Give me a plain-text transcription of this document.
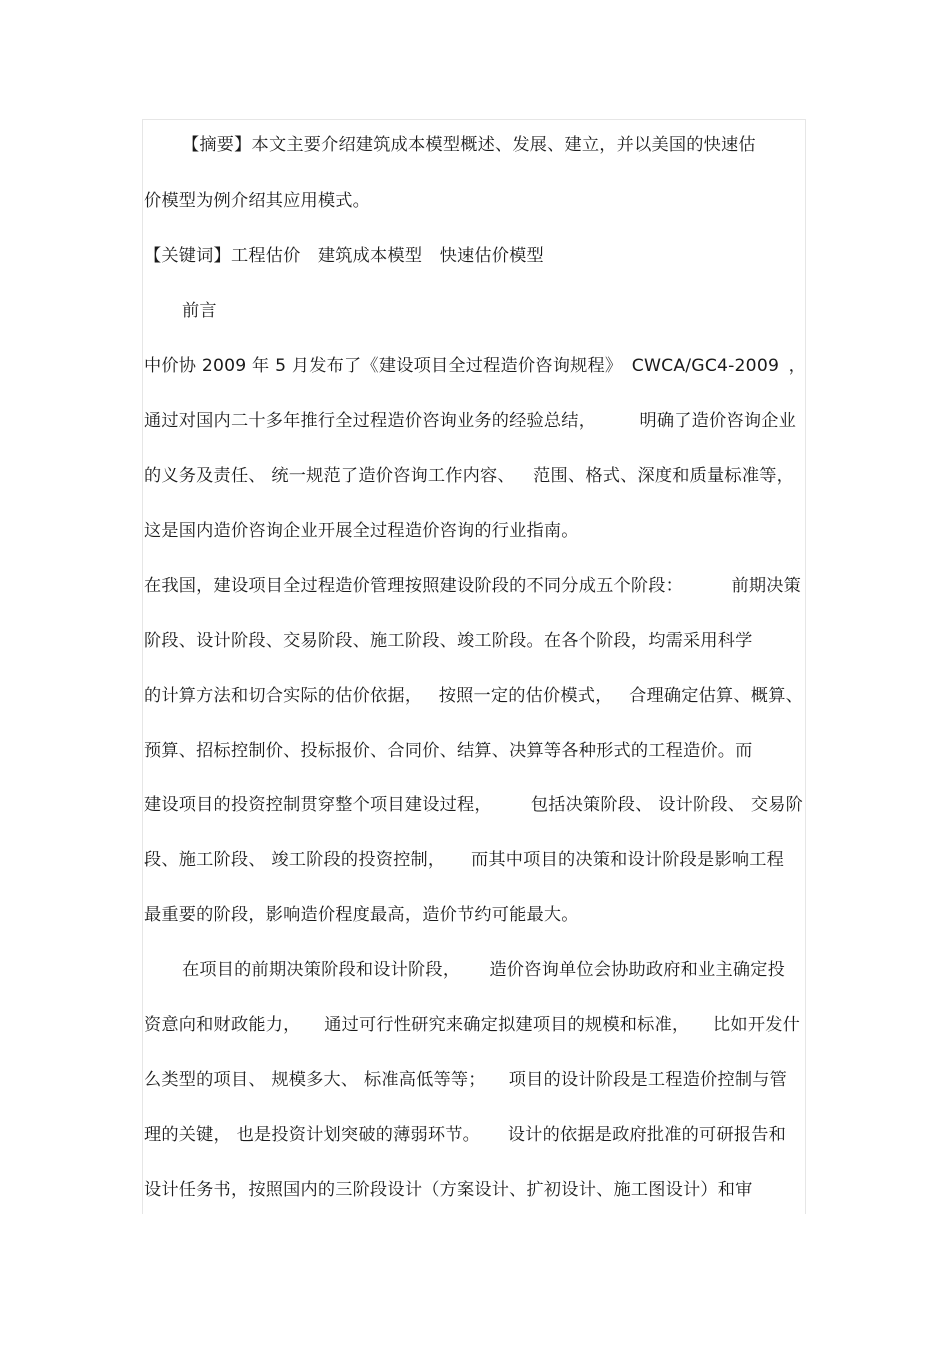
【摘要】本文主要介绍建筑成本模型概述、发展、建立，并以美国的快速估
价模型为例介绍其应用模式。
【关键词】工程估价　建筑成本模型　快速估价模型
前言
中价协 2009 年 5 月发布了《建设项目全过程造价咨询规程》 CWCA/GC4-2009 ，
通过对国内二十多年推行全过程造价咨询业务的经验总结，	明确了造价咨询企业
的义务及责任、 统一规范了造价咨询工作内容、 范围、格式、深度和质量标准等，
这是国内造价咨询企业开展全过程造价咨询的行业指南。
在我国，建设项目全过程造价管理按照建设阶段的不同分成五个阶段：	前期决策
阶段、设计阶段、交易阶段、施工阶段、竣工阶段。在各个阶段，均需采用科学
的计算方法和切合实际的估价依据， 按照一定的估价模式， 合理确定估算、概算、
预算、招标控制价、投标报价、合同价、结算、决算等各种形式的工程造价。而
建设项目的投资控制贯穿整个项目建设过程， 包括决策阶段、 设计阶段、 交易阶
段、施工阶段、 竣工阶段的投资控制， 而其中项目的决策和设计阶段是影响工程
最重要的阶段，影响造价程度最高，造价节约可能最大。
在项目的前期决策阶段和设计阶段， 造价咨询单位会协助政府和业主确定投
资意向和财政能力， 通过可行性研究来确定拟建项目的规模和标准， 比如开发什
么类型的项目、 规模多大、 标准高低等等； 项目的设计阶段是工程造价控制与管
理的关键， 也是投资计划突破的薄弱环节。 设计的依据是政府批准的可研报告和
设计任务书，按照国内的三阶段设计（方案设计、扩初设计、施工图设计）和审
